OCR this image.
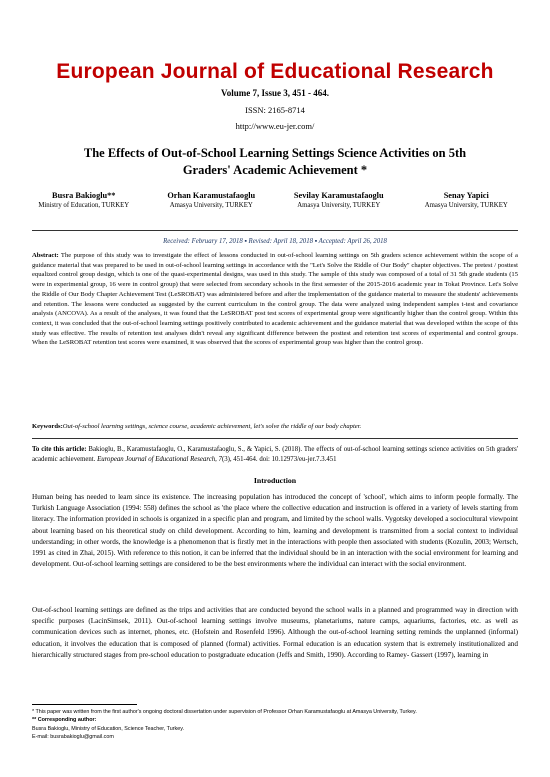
European Journal of Educational Research
Volume 7, Issue 3, 451 - 464.
ISSN: 2165-8714
http://www.eu-jer.com/
The Effects of Out-of-School Learning Settings Science Activities on 5th Graders' Academic Achievement *
Busra Bakioglu**
Ministry of Education, TURKEY
Orhan Karamustafaoglu
Amasya University, TURKEY
Sevilay Karamustafaoglu
Amasya University, TURKEY
Senay Yapici
Amasya University, TURKEY
Received: February 17, 2018 ▪ Revised: April 18, 2018 ▪ Accepted: April 26, 2018
Abstract: The purpose of this study was to investigate the effect of lessons conducted in out-of-school learning settings on 5th graders science achievement within the scope of a guidance material that was prepared to be used in out-of-school learning settings in accordance with the "Let's Solve the Riddle of Our Body" chapter objectives. The pretest / posttest equalized control group design, which is one of the quasi-experimental designs, was used in this study. The sample of this study was composed of a total of 31 5th grade students (15 were in experimental group, 16 were in control group) that were selected from secondary schools in the first semester of the 2015-2016 academic year in Tokat Province. Let's Solve the Riddle of Our Body Chapter Achievement Test (LeSROBAT) was administered before and after the implementation of the guidance material to measure the students' achievements and retention. The lessons were conducted as suggested by the current curriculum in the control group. The data were analyzed using independent samples t-test and covariance analysis (ANCOVA). As a result of the analyses, it was found that the LeSROBAT post test scores of experimental group were significantly higher than the control group. Within this context, it was concluded that the out-of-school learning settings positively contributed to academic achievement and the guidance material that was developed within the scope of this study was effective. The results of retention test analyses didn't reveal any significant difference between the posttest and retention test scores of experimental and control groups. When the LeSROBAT retention test scores were examined, it was observed that the scores of experimental group was higher than the control group.
Keywords:Out-of-school learning settings, science course, academic achievement, let's solve the riddle of our body chapter.
To cite this article: Bakioglu, B., Karamustafaoglu, O., Karamustafaoglu, S., & Yapici, S. (2018). The effects of out-of-school learning settings science activities on 5th graders' academic achievement. European Journal of Educational Research, 7(3), 451-464. doi: 10.12973/eu-jer.7.3.451
Introduction
Human being has needed to learn since its existence. The increasing population has introduced the concept of 'school', which aims to inform people formally. The Turkish Language Association (1994: 558) defines the school as 'the place where the collective education and instruction is offered in a variety of levels starting from literacy. The information provided in schools is organized in a specific plan and program, and limited by the school walls. Vygotsky developed a sociocultural viewpoint about learning based on his theoretical study on child development. According to him, learning and development is transmitted from a social context to individual understanding; in other words, the knowledge is a phenomenon that is firstly met in the interactions with people then associated with students (Kozulin, 2003; Wertsch, 1991 as cited in Zhai, 2015). With reference to this notion, it can be inferred that the individual should be in an interaction with the social environment for learning and development. Out-of-school learning settings are considered to be the best environments where the individual can interact with the social environment.
Out-of-school learning settings are defined as the trips and activities that are conducted beyond the school walls in a planned and programmed way in direction with specific purposes (LacinSimsek, 2011). Out-of-school learning settings involve museums, planetariums, nature camps, aquariums, factories, etc. as well as communication devices such as internet, phones, etc. (Hofstein and Rosenfeld 1996). Although the out-of-school learning setting reminds the unplanned (informal) education, it involves the education that is composed of planned (formal) activities. Formal education is an education system that is extremely institutionalized and hierarchically structured stages from pre-school education to postgraduate education (Jeffs and Smith, 1990). According to Ramey- Gassert (1997), learning in
* This paper was written from the first author's ongoing doctoral dissertation under supervision of Professor Orhan Karamustafaoglu at Amasya University, Turkey.
** Corresponding author:
Busra Bakioglu, Ministry of Education, Science Teacher, Turkey.
E-mail: busrabakioglu@gmail.com
